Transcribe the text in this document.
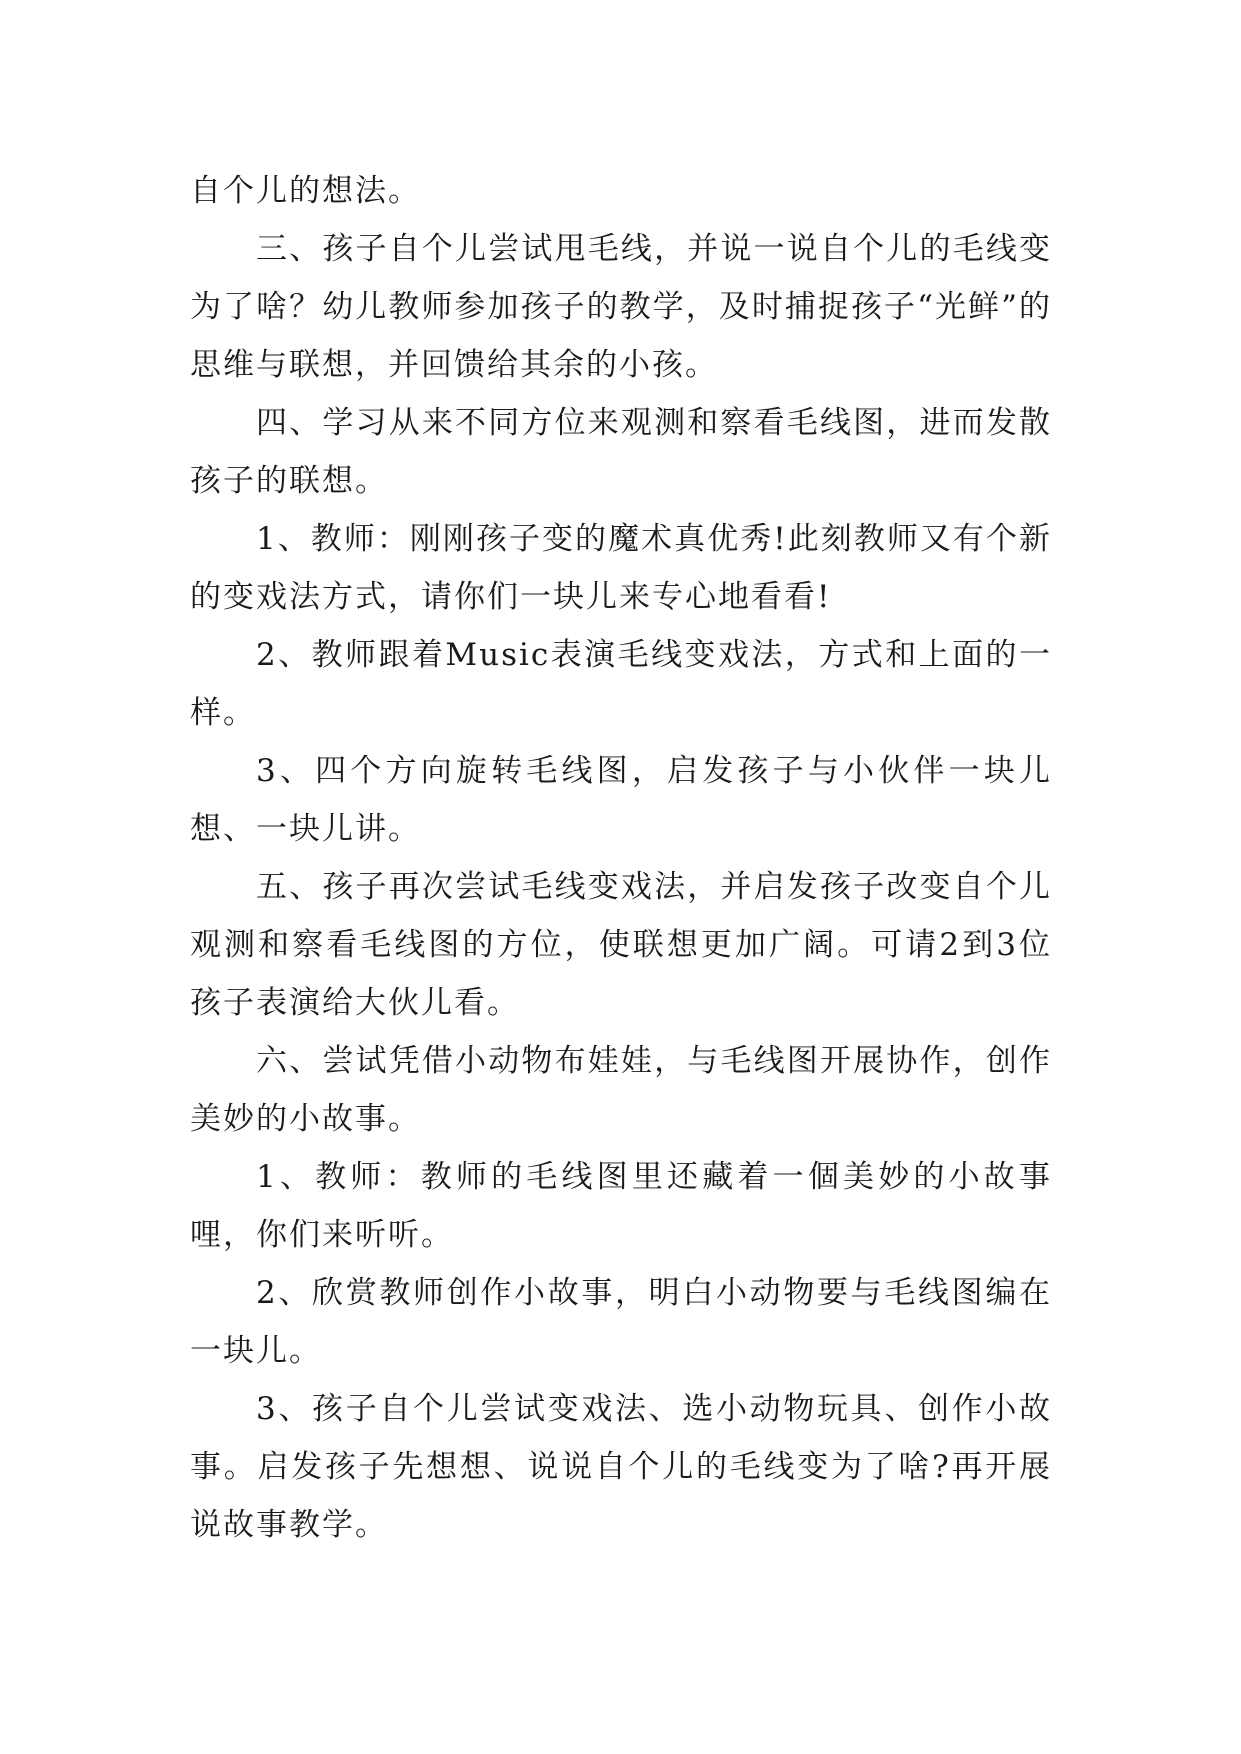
自个儿的想法。

三、孩子自个儿尝试甩毛线，并说一说自个儿的毛线变为了啥？幼儿教师参加孩子的教学，及时捕捉孩子“光鲜”的思维与联想，并回馈给其余的小孩。

四、学习从来不同方位来观测和察看毛线图，进而发散孩子的联想。

1、教师：刚刚孩子变的魔术真优秀!此刻教师又有个新的变戏法方式，请你们一块儿来专心地看看!

2、教师跟着Music表演毛线变戏法，方式和上面的一样。

3、四个方向旋转毛线图，启发孩子与小伙伴一块儿想、一块儿讲。

五、孩子再次尝试毛线变戏法，并启发孩子改变自个儿观测和察看毛线图的方位，使联想更加广阔。可请2到3位孩子表演给大伙儿看。

六、尝试凭借小动物布娃娃，与毛线图开展协作，创作美妙的小故事。

1、教师：教师的毛线图里还藏着一個美妙的小故事哩，你们来听听。

2、欣赏教师创作小故事，明白小动物要与毛线图编在一块儿。

3、孩子自个儿尝试变戏法、选小动物玩具、创作小故事。启发孩子先想想、说说自个儿的毛线变为了啥?再开展说故事教学。
